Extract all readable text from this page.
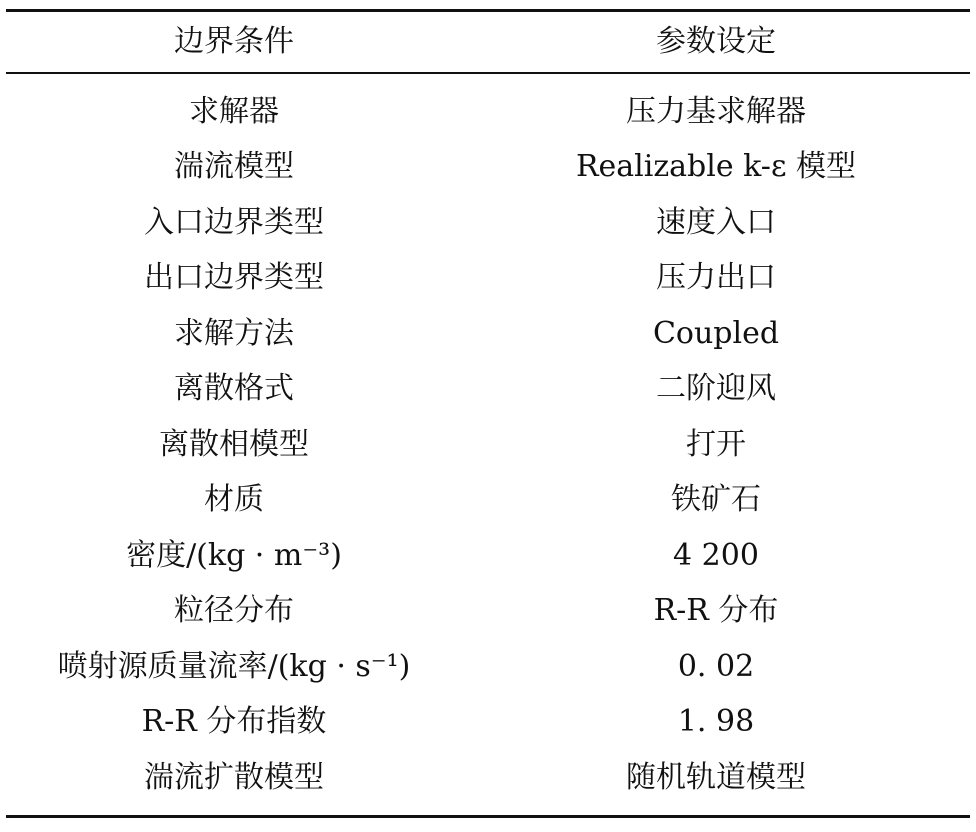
边界条件	参数设定
求解器	压力基求解器
湍流模型	Realizable k-ε 模型
入口边界类型	速度入口
出口边界类型	压力出口
求解方法	Coupled
离散格式	二阶迎风
离散相模型	打开
材质	铁矿石
密度/(kg · m⁻³)	4 200
粒径分布	R-R 分布
喷射源质量流率/(kg · s⁻¹)	0. 02
R-R 分布指数	1. 98
湍流扩散模型	随机轨道模型
